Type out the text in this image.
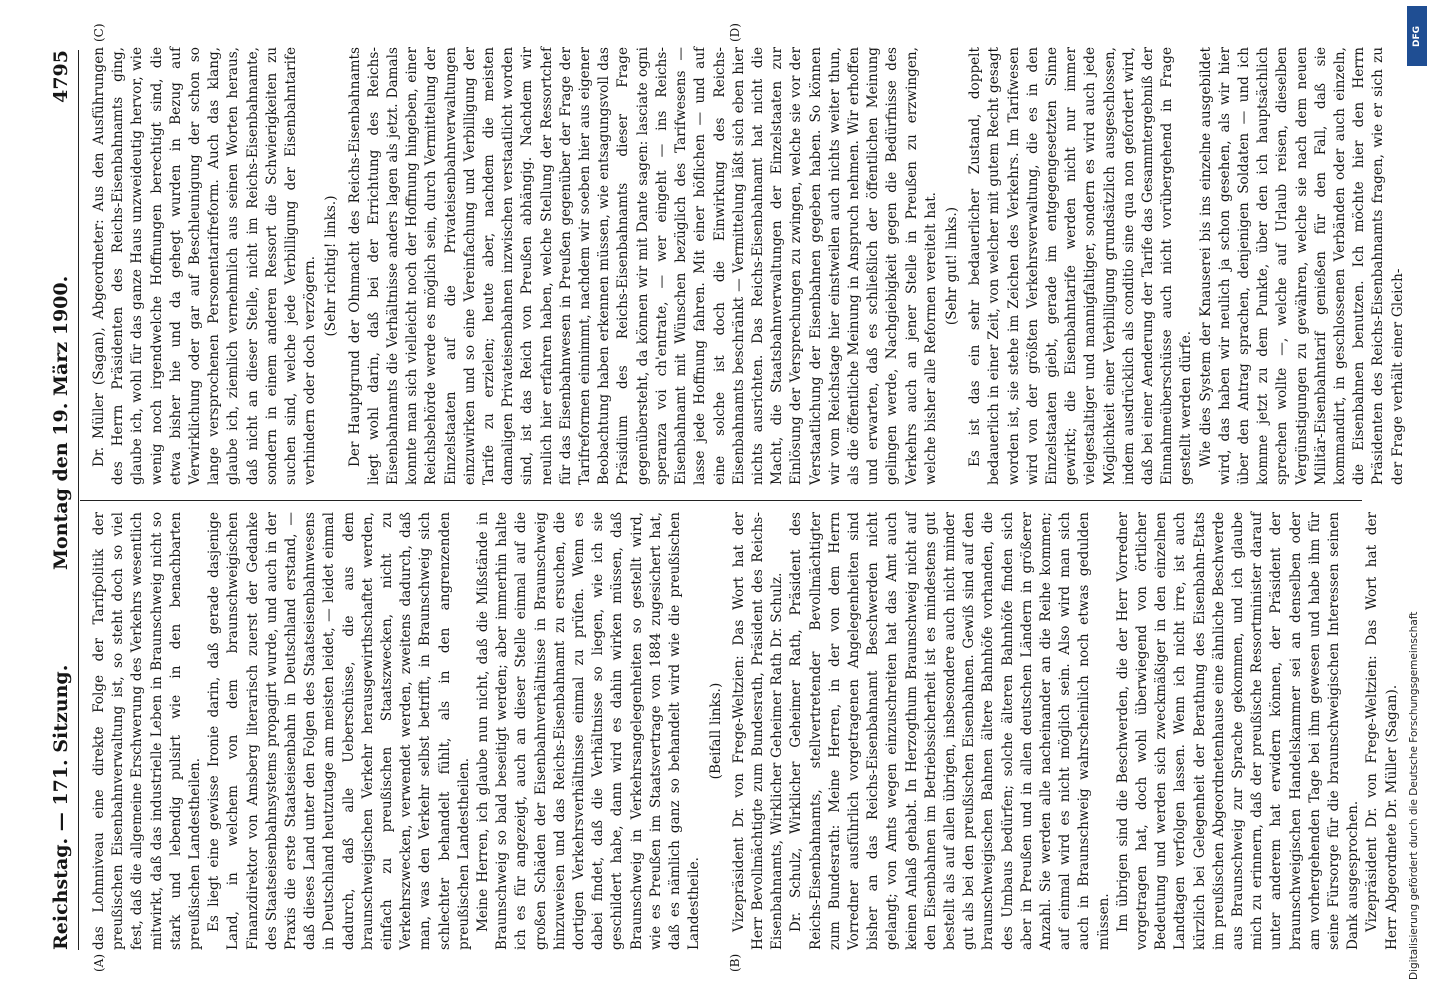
Reichstag. — 171. Sitzung.
Montag den 19. März 1900.
4795
(A)	(B)
(C)	(D)

das Lohnniveau eine direkte Folge der Tarifpolitik der preußischen Eisenbahnverwaltung ist, so steht doch so viel fest, daß die allgemeine Erschwerung des Verkehrs wesentlich mitwirkt, daß das industrielle Leben in Braunschweig nicht so stark und lebendig pulsirt wie in den benachbarten preußischen Landestheilen. Es liegt eine gewisse Ironie darin, daß gerade dasjenige Land, in welchem von dem braunschweigischen Finanzdirektor von Amsberg literarisch zuerst der Gedanke des Staatseisenbahnsystems propagirt wurde, und auch in der Praxis die erste Staatseisenbahn in Deutschland erstand, — daß dieses Land unter den Folgen des Staatseisenbahnwesens in Deutschland heutzutage am meisten leidet, — leidet einmal dadurch, daß alle Ueberschüsse, die aus dem braunschweigischen Verkehr herausgewirthschaftet werden, einfach zu preußischen Staatszwecken, nicht zu Verkehrszwecken, verwendet werden, zweitens dadurch, daß man, was den Verkehr selbst betrifft, in Braunschweig sich schlechter behandelt fühlt, als in den angrenzenden preußischen Landestheilen. Meine Herren, ich glaube nun nicht, daß die Mißstände in Braunschweig so bald beseitigt werden; aber immerhin halte ich es für angezeigt, auch an dieser Stelle einmal auf die großen Schäden der Eisenbahnverhältnisse in Braunschweig hinzuweisen und das Reichs-Eisenbahnamt zu ersuchen, die dortigen Verkehrsverhältnisse einmal zu prüfen. Wenn es dabei findet, daß die Verhältnisse so liegen, wie ich sie geschildert habe, dann wird es dahin wirken müssen, daß Braunschweig in Verkehrsangelegenheiten so gestellt wird, wie es Preußen im Staatsvertrage von 1884 zugesichert hat, daß es nämlich ganz so behandelt wird wie die preußischen Landestheile.

(Beifall links.) Vizepräsident Dr. von Frege-Weltzien: Das Wort hat der Herr Bevollmächtigte zum Bundesrath, Präsident des Reichs-Eisenbahnamts, Wirklicher Geheimer Rath Dr. Schulz. Dr. Schulz, Wirklicher Geheimer Rath, Präsident des Reichs-Eisenbahnamts, stellvertretender Bevollmächtigter zum Bundesrath: Meine Herren, in der von dem Herrn Vorredner ausführlich vorgetragenen Angelegenheiten sind bisher an das Reichs-Eisenbahnamt Beschwerden nicht gelangt; von Amts wegen einzuschreiten hat das Amt auch keinen Anlaß gehabt. In Herzogthum Braunschweig nicht auf den Eisenbahnen im Betriebssicherheit ist es mindestens gut bestellt als auf allen übrigen, insbesondere auch nicht minder gut als bei den preußischen Eisenbahnen. Gewiß sind auf den braunschweigischen Bahnen ältere Bahnhöfe vorhanden, die des Umbaus bedürfen; solche älteren Bahnhöfe finden sich aber in Preußen und in allen deutschen Ländern in größerer Anzahl. Sie werden alle nacheinander an die Reihe kommen; auf einmal wird es nicht möglich sein. Also wird man sich auch in Braunschweig wahrscheinlich noch etwas gedulden müssen. Im übrigen sind die Beschwerden, die der Herr Vorredner vorgetragen hat, doch wohl überwiegend von örtlicher Bedeutung und werden sich zweckmäßiger in den einzelnen Landtagen verfolgen lassen. Wenn ich nicht irre, ist auch kürzlich bei Gelegenheit der Berathung des Eisenbahn-Etats im preußischen Abgeordnetenhause eine ähnliche Beschwerde aus Braunschweig zur Sprache gekommen, und ich glaube mich zu erinnern, daß der preußische Ressortminister darauf unter anderem hat erwidern können, der Präsident der braunschweigischen Handelskammer sei an denselben oder am vorhergehenden Tage bei ihm gewesen und habe ihm für seine Fürsorge für die braunschweigischen Interessen seinen Dank ausgesprochen. Vizepräsident Dr. von Frege-Weltzien: Das Wort hat der Herr Abgeordnete Dr. Müller (Sagan).

Dr. Müller (Sagan), Abgeordneter: Aus den Ausführungen des Herrn Präsidenten des Reichs-Eisenbahnamts ging, glaube ich, wohl für das ganze Haus unzweideutig hervor, wie wenig noch irgendwelche Hoffnungen berechtigt sind, die etwa bisher hie und da gehegt wurden in Bezug auf Verwirklichung oder gar auf Beschleunigung der schon so lange versprochenen Personentarifreform. Auch das klang, glaube ich, ziemlich vernehmlich aus seinen Worten heraus, daß nicht an dieser Stelle, nicht im Reichs-Eisenbahnamte, sondern in einem anderen Ressort die Schwierigkeiten zu suchen sind, welche jede Verbilligung der Eisenbahntarife verhindern oder doch verzögern. (Sehr richtig! links.) Der Hauptgrund der Ohnmacht des Reichs-Eisenbahnamts liegt wohl darin, daß bei der Errichtung des Reichs-Eisenbahnamts die Verhältnisse anders lagen als jetzt. Damals konnte man sich vielleicht noch der Hoffnung hingeben, einer Reichsbehörde werde es möglich sein, durch Vermittelung der Einzelstaaten auf die Privateisenbahnverwaltungen einzuwirken und so eine Vereinfachung und Verbilligung der Tarife zu erzielen; heute aber, nachdem die meisten damaligen Privateisenbahnen inzwischen verstaatlicht worden sind, ist das Reich von Preußen abhängig. Nachdem wir neulich hier erfahren haben, welche Stellung der Ressortchef für das Eisenbahnwesen in Preußen gegenüber der Frage der Tarifreformen einnimmt, nachdem wir soeben hier aus eigener Beobachtung haben erkennen müssen, wie entsagungsvoll das Präsidium des Reichs-Eisenbahnamts dieser Frage gegenübersteht, da können wir mit Dante sagen: lasciate ogni speranza voi ch'entrate, — wer eingeht — ins Reichs-Eisenbahnamt mit Wünschen bezüglich des Tarifwesens — lasse jede Hoffnung fahren. Mit einer höflichen — und auf eine solche ist doch die Einwirkung des Reichs-Eisenbahnamts beschränkt — Vermittelung läßt sich eben hier nichts ausrichten. Das Reichs-Eisenbahnamt hat nicht die Macht, die Staatsbahnverwaltungen der Einzelstaaten zur Einlösung der Versprechungen zu zwingen, welche sie vor der Verstaatlichung der Eisenbahnen gegeben haben. So können wir vom Reichstage hier einstweilen auch nichts weiter thun, als die öffentliche Meinung in Anspruch nehmen. Wir erhoffen und erwarten, daß es schließlich der öffentlichen Meinung gelingen werde, Nachgiebigkeit gegen die Bedürfnisse des Verkehrs auch an jener Stelle in Preußen zu erzwingen, welche bisher alle Reformen vereitelt hat. (Sehr gut! links.) Es ist das ein sehr bedauerlicher Zustand, doppelt bedauerlich in einer Zeit, von welcher mit gutem Recht gesagt worden ist, sie stehe im Zeichen des Verkehrs. Im Tarifwesen wird von der größten Verkehrsverwaltung, die es in den Einzelstaaten giebt, gerade im entgegengesetzten Sinne gewirkt; die Eisenbahntarife werden nicht nur immer vielgestaltiger und mannigfaltiger, sondern es wird auch jede Möglichkeit einer Verbilligung grundsätzlich ausgeschlossen, indem ausdrücklich als conditio sine qua non gefordert wird, daß bei einer Aenderung der Tarife das Gesammtergebniß der Einnahmeüberschüsse auch nicht vorübergehend in Frage gestellt werden dürfe. Wie dies System der Knauserei bis ins einzelne ausgebildet wird, das haben wir neulich ja schon gesehen, als wir hier über den Antrag sprachen, denjenigen Soldaten — und ich komme jetzt zu dem Punkte, über den ich hauptsächlich sprechen wollte —, welche auf Urlaub reisen, dieselben Vergünstigungen zu gewähren, welche sie nach dem neuen Militär-Eisenbahntarif genießen für den Fall, daß sie kommandirt, in geschlossenen Verbänden oder auch einzeln, die Eisenbahnen benutzen. Ich möchte hier den Herrn Präsidenten des Reichs-Eisenbahnamts fragen, wie er sich zu der Frage verhält einer Gleich-

DFG
Digitalisierung gefördert durch die Deutsche Forschungsgemeinschaft
